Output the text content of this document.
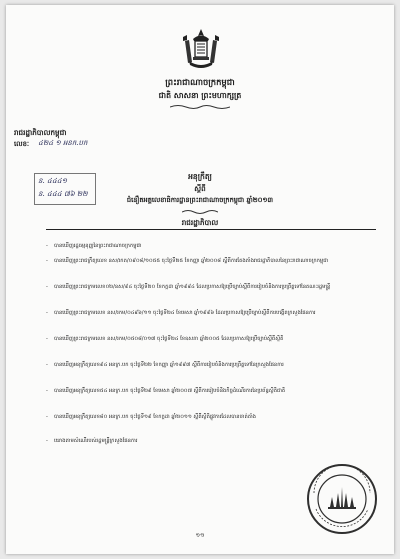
ព្រះរាជាណាចក្រកម្ពុជា
ជាតិ សាសនា ព្រះមហាក្សត្រ
រាជរដ្ឋាភិបាលកម្ពុជា
លេខៈ ៤២៤ ១ អនក.បក
ន. ៤៤៤១
ន. ៤៤៤ ៧៦ ២២
អនុក្រឹត្យ
ស្ដីពី
ជំនឿតអគ្គលេខាធិការដ្ឋានព្រះរាជាណាចក្រកម្ពុជា ឆ្នាំ២០១៣
រាជរដ្ឋាភិបាល
-	បានឃើញរដ្ឋធម្មនុញ្ញនៃព្រះរាជាណាចក្រកម្ពុជា
-	បានឃើញព្រះរាជក្រឹត្យលេខ នស/រកត/០៩០៨/១០៥៥ ចុះថ្ងៃទី២៥ ខែកញ្ញា ឆ្នាំ២០០៨ ស្ដីពីការតែងតាំងរាជរដ្ឋាភិបាលនៃព្រះរាជាណាចក្រកម្ពុជា
-	បានឃើញព្រះរាជក្រមលេខ០២/នស/៩៤ ចុះថ្ងៃទី២០ ខែកក្កដា ឆ្នាំ១៩៩៤ ដែលប្រកាសឱ្យប្រើច្បាប់ស្ដីពីការរៀបចំនិងការប្រព្រឹត្តទៅនៃគណៈរដ្ឋមន្ត្រី
-	បានឃើញព្រះរាជក្រមលេខ នស/រកម/០៤៩៦/១១ ចុះថ្ងៃទី២៤ ខែមេសា ឆ្នាំ១៩៩៦ ដែលប្រកាសឱ្យប្រើច្បាប់ស្ដីពីការបង្កើតក្រសួងផែនការ
-	បានឃើញព្រះរាជក្រមលេខ នស/រកម/០៥០៨/០១៧ ចុះថ្ងៃទី២៤ ខែឧសភា ឆ្នាំ២០០៥ ដែលប្រកាសឱ្យប្រើច្បាប់ស្ដីពីស្ថិតិ
-	បានឃើញអនុក្រឹត្យលេខ៩៤ អនក្រ.បក ចុះថ្ងៃទី២២ ខែកញ្ញា ឆ្នាំ១៩៩៧ ស្ដីពីការរៀបចំនិងការប្រព្រឹត្តទៅនៃក្រសួងផែនការ
-	បានឃើញអនុក្រឹត្យលេខ៥៤ អនក្រ.បក ចុះថ្ងៃទី២៩ ខែមេសា ឆ្នាំ២០០៧ ស្ដីពីការរៀបចំនិងកិច្ចដំណើរការនៃប្រព័ន្ធស្ថិតិជាតិ
-	បានឃើញអនុក្រឹត្យលេខ៨០ អនក្រ.បក ចុះថ្ងៃទី១៩ ខែកក្កដា ឆ្នាំ២០១១ ស្ដីពីស្ថិតិផ្លូវការដែលបានចាត់តាំង
-	យោងតាមសំណើរបស់រដ្ឋមន្ត្រីក្រសួងផែនការ
១១
